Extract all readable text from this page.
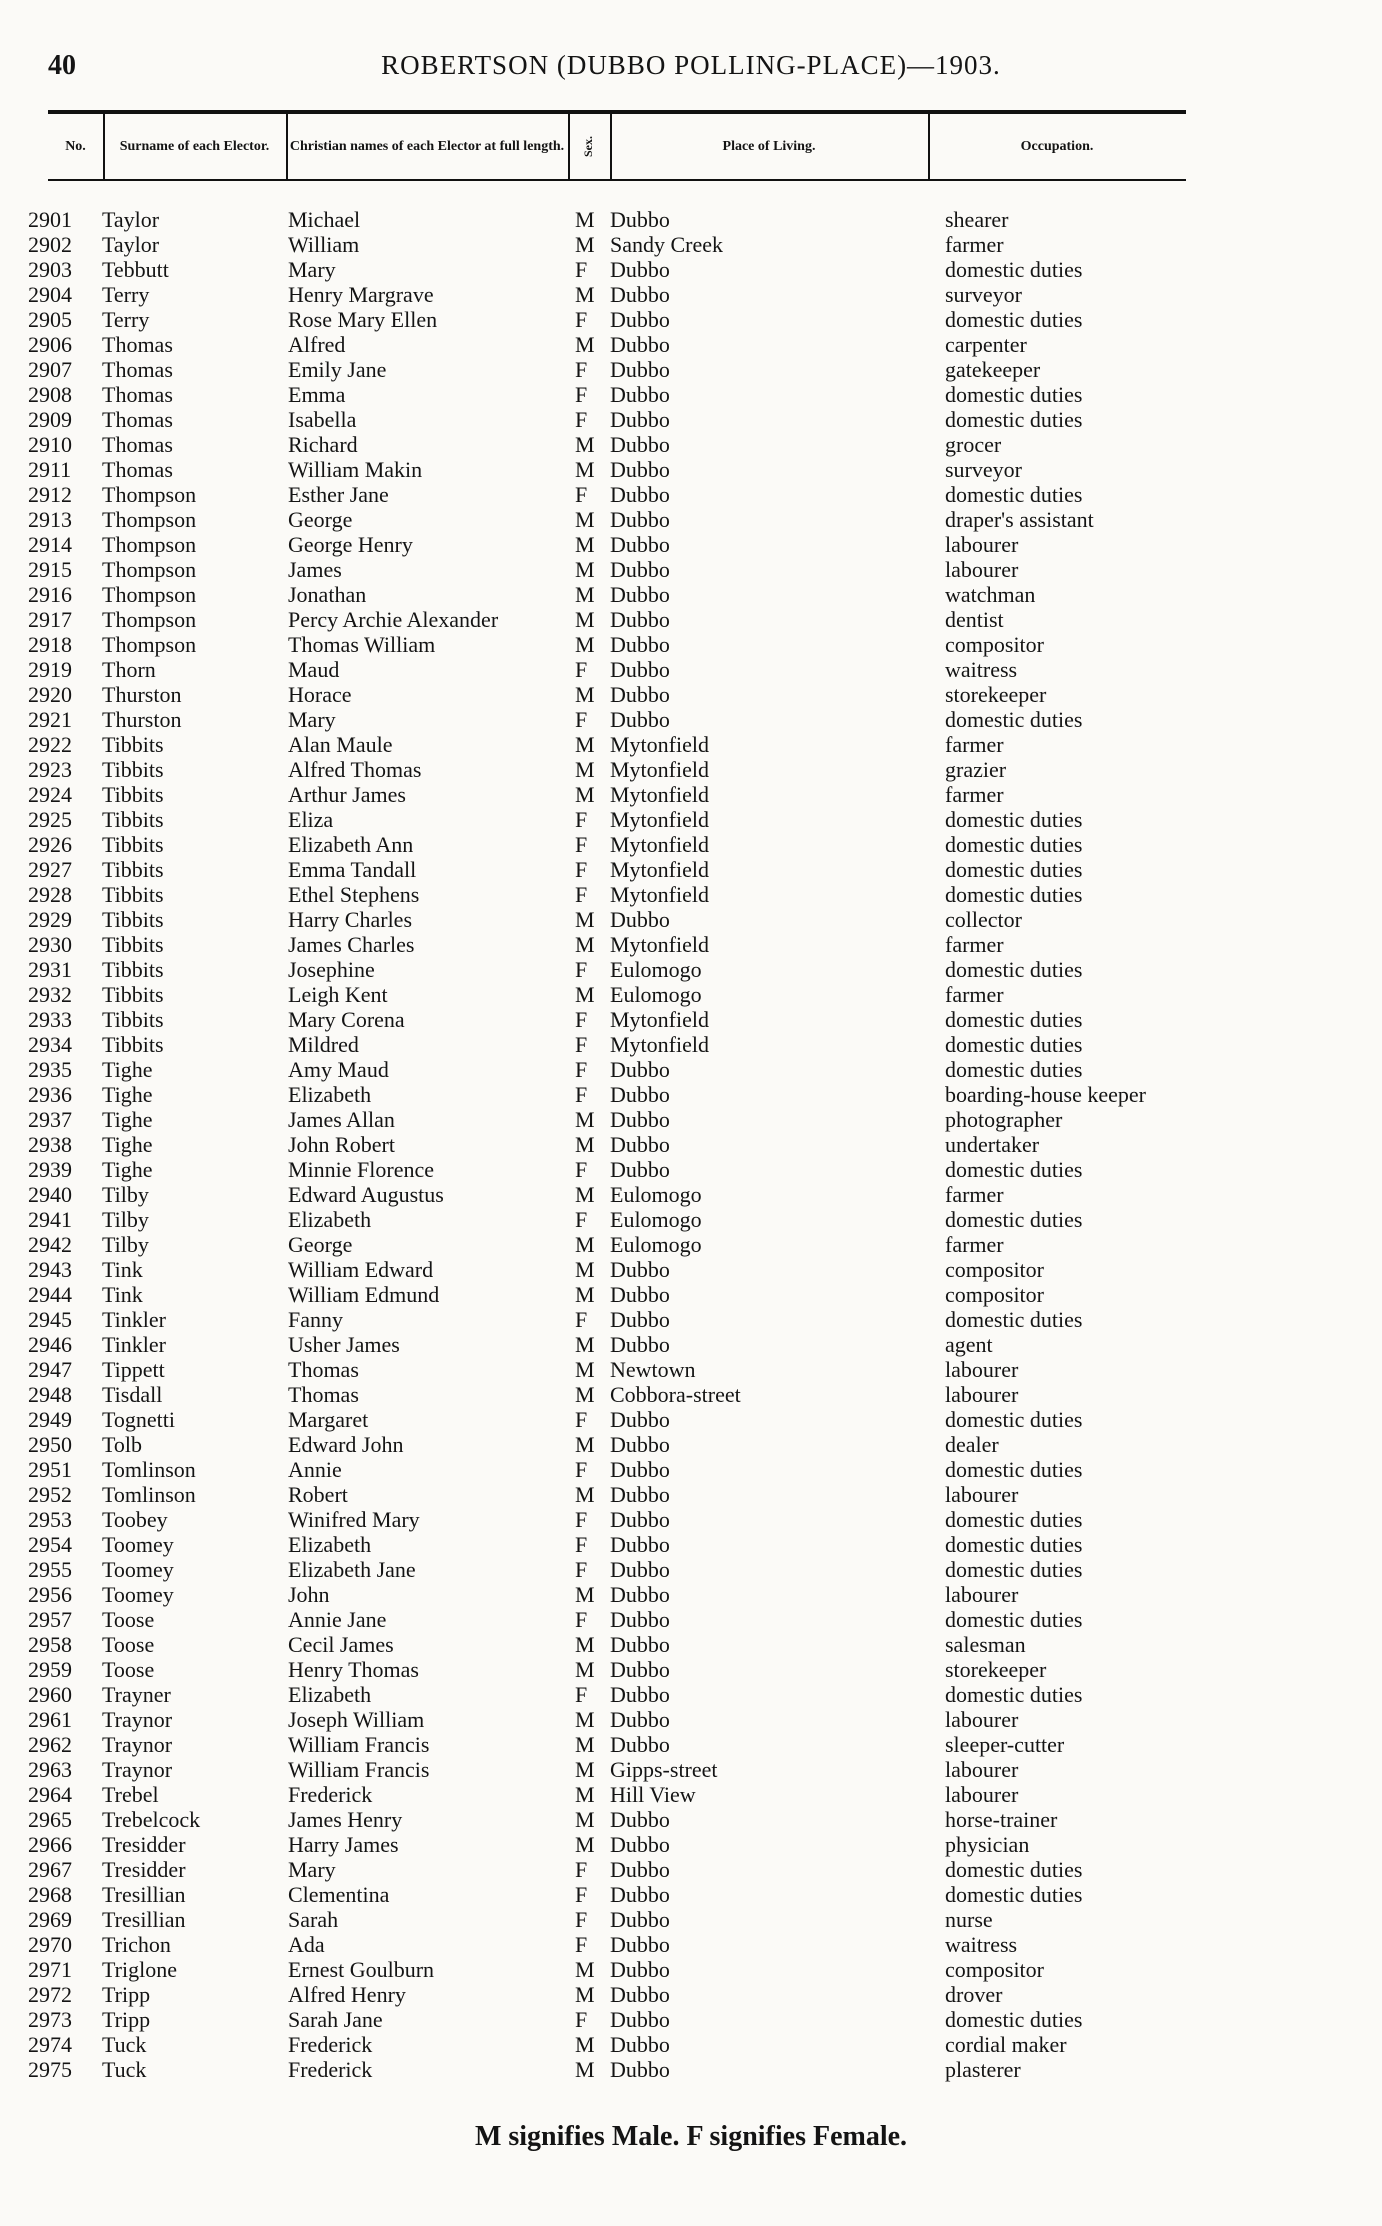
40	ROBERTSON (DUBBO POLLING-PLACE)—1903.
No.	Surname of each Elector.	Christian names of each Elector at full length.	Sex.	Place of Living.	Occupation.
2901 Taylor	Michael	M Dubbo	shearer
2902 Taylor	William	M Sandy Creek	farmer
2903 Tebbutt	Mary	F Dubbo	domestic duties
2904 Terry	Henry Margrave	M Dubbo	surveyor
2905 Terry	Rose Mary Ellen	F Dubbo	domestic duties
2906 Thomas	Alfred	M Dubbo	carpenter
2907 Thomas	Emily Jane	F Dubbo	gatekeeper
2908 Thomas	Emma	F Dubbo	domestic duties
2909 Thomas	Isabella	F Dubbo	domestic duties
2910 Thomas	Richard	M Dubbo	grocer
2911 Thomas	William Makin	M Dubbo	surveyor
2912 Thompson	Esther Jane	F Dubbo	domestic duties
2913 Thompson	George	M Dubbo	draper's assistant
2914 Thompson	George Henry	M Dubbo	labourer
2915 Thompson	James	M Dubbo	labourer
2916 Thompson	Jonathan	M Dubbo	watchman
2917 Thompson	Percy Archie Alexander	M Dubbo	dentist
2918 Thompson	Thomas William	M Dubbo	compositor
2919 Thorn	Maud	F Dubbo	waitress
2920 Thurston	Horace	M Dubbo	storekeeper
2921 Thurston	Mary	F Dubbo	domestic duties
2922 Tibbits	Alan Maule	M Mytonfield	farmer
2923 Tibbits	Alfred Thomas	M Mytonfield	grazier
2924 Tibbits	Arthur James	M Mytonfield	farmer
2925 Tibbits	Eliza	F Mytonfield	domestic duties
2926 Tibbits	Elizabeth Ann	F Mytonfield	domestic duties
2927 Tibbits	Emma Tandall	F Mytonfield	domestic duties
2928 Tibbits	Ethel Stephens	F Mytonfield	domestic duties
2929 Tibbits	Harry Charles	M Dubbo	collector
2930 Tibbits	James Charles	M Mytonfield	farmer
2931 Tibbits	Josephine	F Eulomogo	domestic duties
2932 Tibbits	Leigh Kent	M Eulomogo	farmer
2933 Tibbits	Mary Corena	F Mytonfield	domestic duties
2934 Tibbits	Mildred	F Mytonfield	domestic duties
2935 Tighe	Amy Maud	F Dubbo	domestic duties
2936 Tighe	Elizabeth	F Dubbo	boarding-house keeper
2937 Tighe	James Allan	M Dubbo	photographer
2938 Tighe	John Robert	M Dubbo	undertaker
2939 Tighe	Minnie Florence	F Dubbo	domestic duties
2940 Tilby	Edward Augustus	M Eulomogo	farmer
2941 Tilby	Elizabeth	F Eulomogo	domestic duties
2942 Tilby	George	M Eulomogo	farmer
2943 Tink	William Edward	M Dubbo	compositor
2944 Tink	William Edmund	M Dubbo	compositor
2945 Tinkler	Fanny	F Dubbo	domestic duties
2946 Tinkler	Usher James	M Dubbo	agent
2947 Tippett	Thomas	M Newtown	labourer
2948 Tisdall	Thomas	M Cobbora-street	labourer
2949 Tognetti	Margaret	F Dubbo	domestic duties
2950 Tolb	Edward John	M Dubbo	dealer
2951 Tomlinson	Annie	F Dubbo	domestic duties
2952 Tomlinson	Robert	M Dubbo	labourer
2953 Toobey	Winifred Mary	F Dubbo	domestic duties
2954 Toomey	Elizabeth	F Dubbo	domestic duties
2955 Toomey	Elizabeth Jane	F Dubbo	domestic duties
2956 Toomey	John	M Dubbo	labourer
2957 Toose	Annie Jane	F Dubbo	domestic duties
2958 Toose	Cecil James	M Dubbo	salesman
2959 Toose	Henry Thomas	M Dubbo	storekeeper
2960 Trayner	Elizabeth	F Dubbo	domestic duties
2961 Traynor	Joseph William	M Dubbo	labourer
2962 Traynor	William Francis	M Dubbo	sleeper-cutter
2963 Traynor	William Francis	M Gipps-street	labourer
2964 Trebel	Frederick	M Hill View	labourer
2965 Trebelcock	James Henry	M Dubbo	horse-trainer
2966 Tresidder	Harry James	M Dubbo	physician
2967 Tresidder	Mary	F Dubbo	domestic duties
2968 Tresillian	Clementina	F Dubbo	domestic duties
2969 Tresillian	Sarah	F Dubbo	nurse
2970 Trichon	Ada	F Dubbo	waitress
2971 Triglone	Ernest Goulburn	M Dubbo	compositor
2972 Tripp	Alfred Henry	M Dubbo	drover
2973 Tripp	Sarah Jane	F Dubbo	domestic duties
2974 Tuck	Frederick	M Dubbo	cordial maker
2975 Tuck	Frederick	M Dubbo	plasterer
M signifies Male. F signifies Female.
